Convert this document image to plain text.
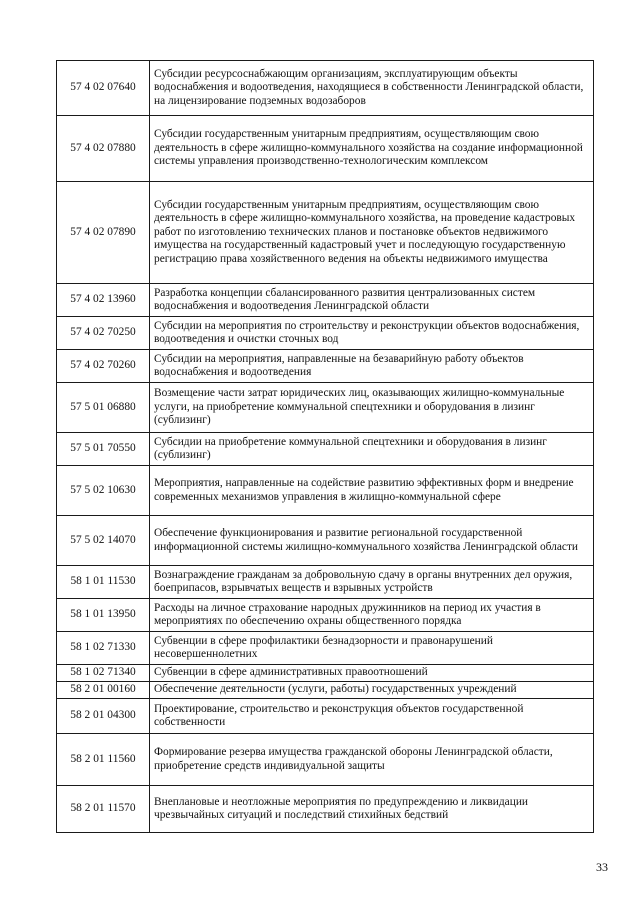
57 4 02 07640	Субсидии ресурсоснабжающим организациям, эксплуатирующим объекты водоснабжения и водоотведения, находящиеся в собственности Ленинградской области, на лицензирование подземных водозаборов
57 4 02 07880	Субсидии государственным унитарным предприятиям, осуществляющим свою деятельность в сфере жилищно-коммунального хозяйства на создание информационной системы управления производственно-технологическим комплексом
57 4 02 07890	Субсидии государственным унитарным предприятиям, осуществляющим свою деятельность в сфере жилищно-коммунального хозяйства, на проведение кадастровых работ по изготовлению технических планов и постановке объектов недвижимого имущества на государственный кадастровый учет и последующую государственную регистрацию права хозяйственного ведения на объекты недвижимого имущества
57 4 02 13960	Разработка концепции сбалансированного развития централизованных систем водоснабжения и водоотведения Ленинградской области
57 4 02 70250	Субсидии на мероприятия по строительству и реконструкции объектов водоснабжения, водоотведения и очистки сточных вод
57 4 02 70260	Субсидии на мероприятия, направленные на безаварийную работу объектов водоснабжения и водоотведения
57 5 01 06880	Возмещение части затрат юридических лиц, оказывающих жилищно-коммунальные услуги, на приобретение коммунальной спецтехники и оборудования в лизинг (сублизинг)
57 5 01 70550	Субсидии на приобретение коммунальной спецтехники и оборудования в лизинг (сублизинг)
57 5 02 10630	Мероприятия, направленные на содействие развитию эффективных форм и внедрение современных механизмов управления в жилищно-коммунальной сфере
57 5 02 14070	Обеспечение функционирования и развитие региональной государственной информационной системы жилищно-коммунального хозяйства Ленинградской области
58 1 01 11530	Вознаграждение гражданам за добровольную сдачу в органы внутренних дел оружия, боеприпасов, взрывчатых веществ и взрывных устройств
58 1 01 13950	Расходы на личное страхование народных дружинников на период их участия в мероприятиях по обеспечению охраны общественного порядка
58 1 02 71330	Субвенции в сфере профилактики безнадзорности и правонарушений несовершеннолетних
58 1 02 71340	Субвенции в сфере административных правоотношений
58 2 01 00160	Обеспечение деятельности (услуги, работы) государственных учреждений
58 2 01 04300	Проектирование, строительство и реконструкция объектов государственной собственности
58 2 01 11560	Формирование резерва имущества гражданской обороны Ленинградской области, приобретение средств индивидуальной защиты
58 2 01 11570	Внеплановые и неотложные мероприятия по предупреждению и ликвидации чрезвычайных ситуаций и последствий стихийных бедствий
33
